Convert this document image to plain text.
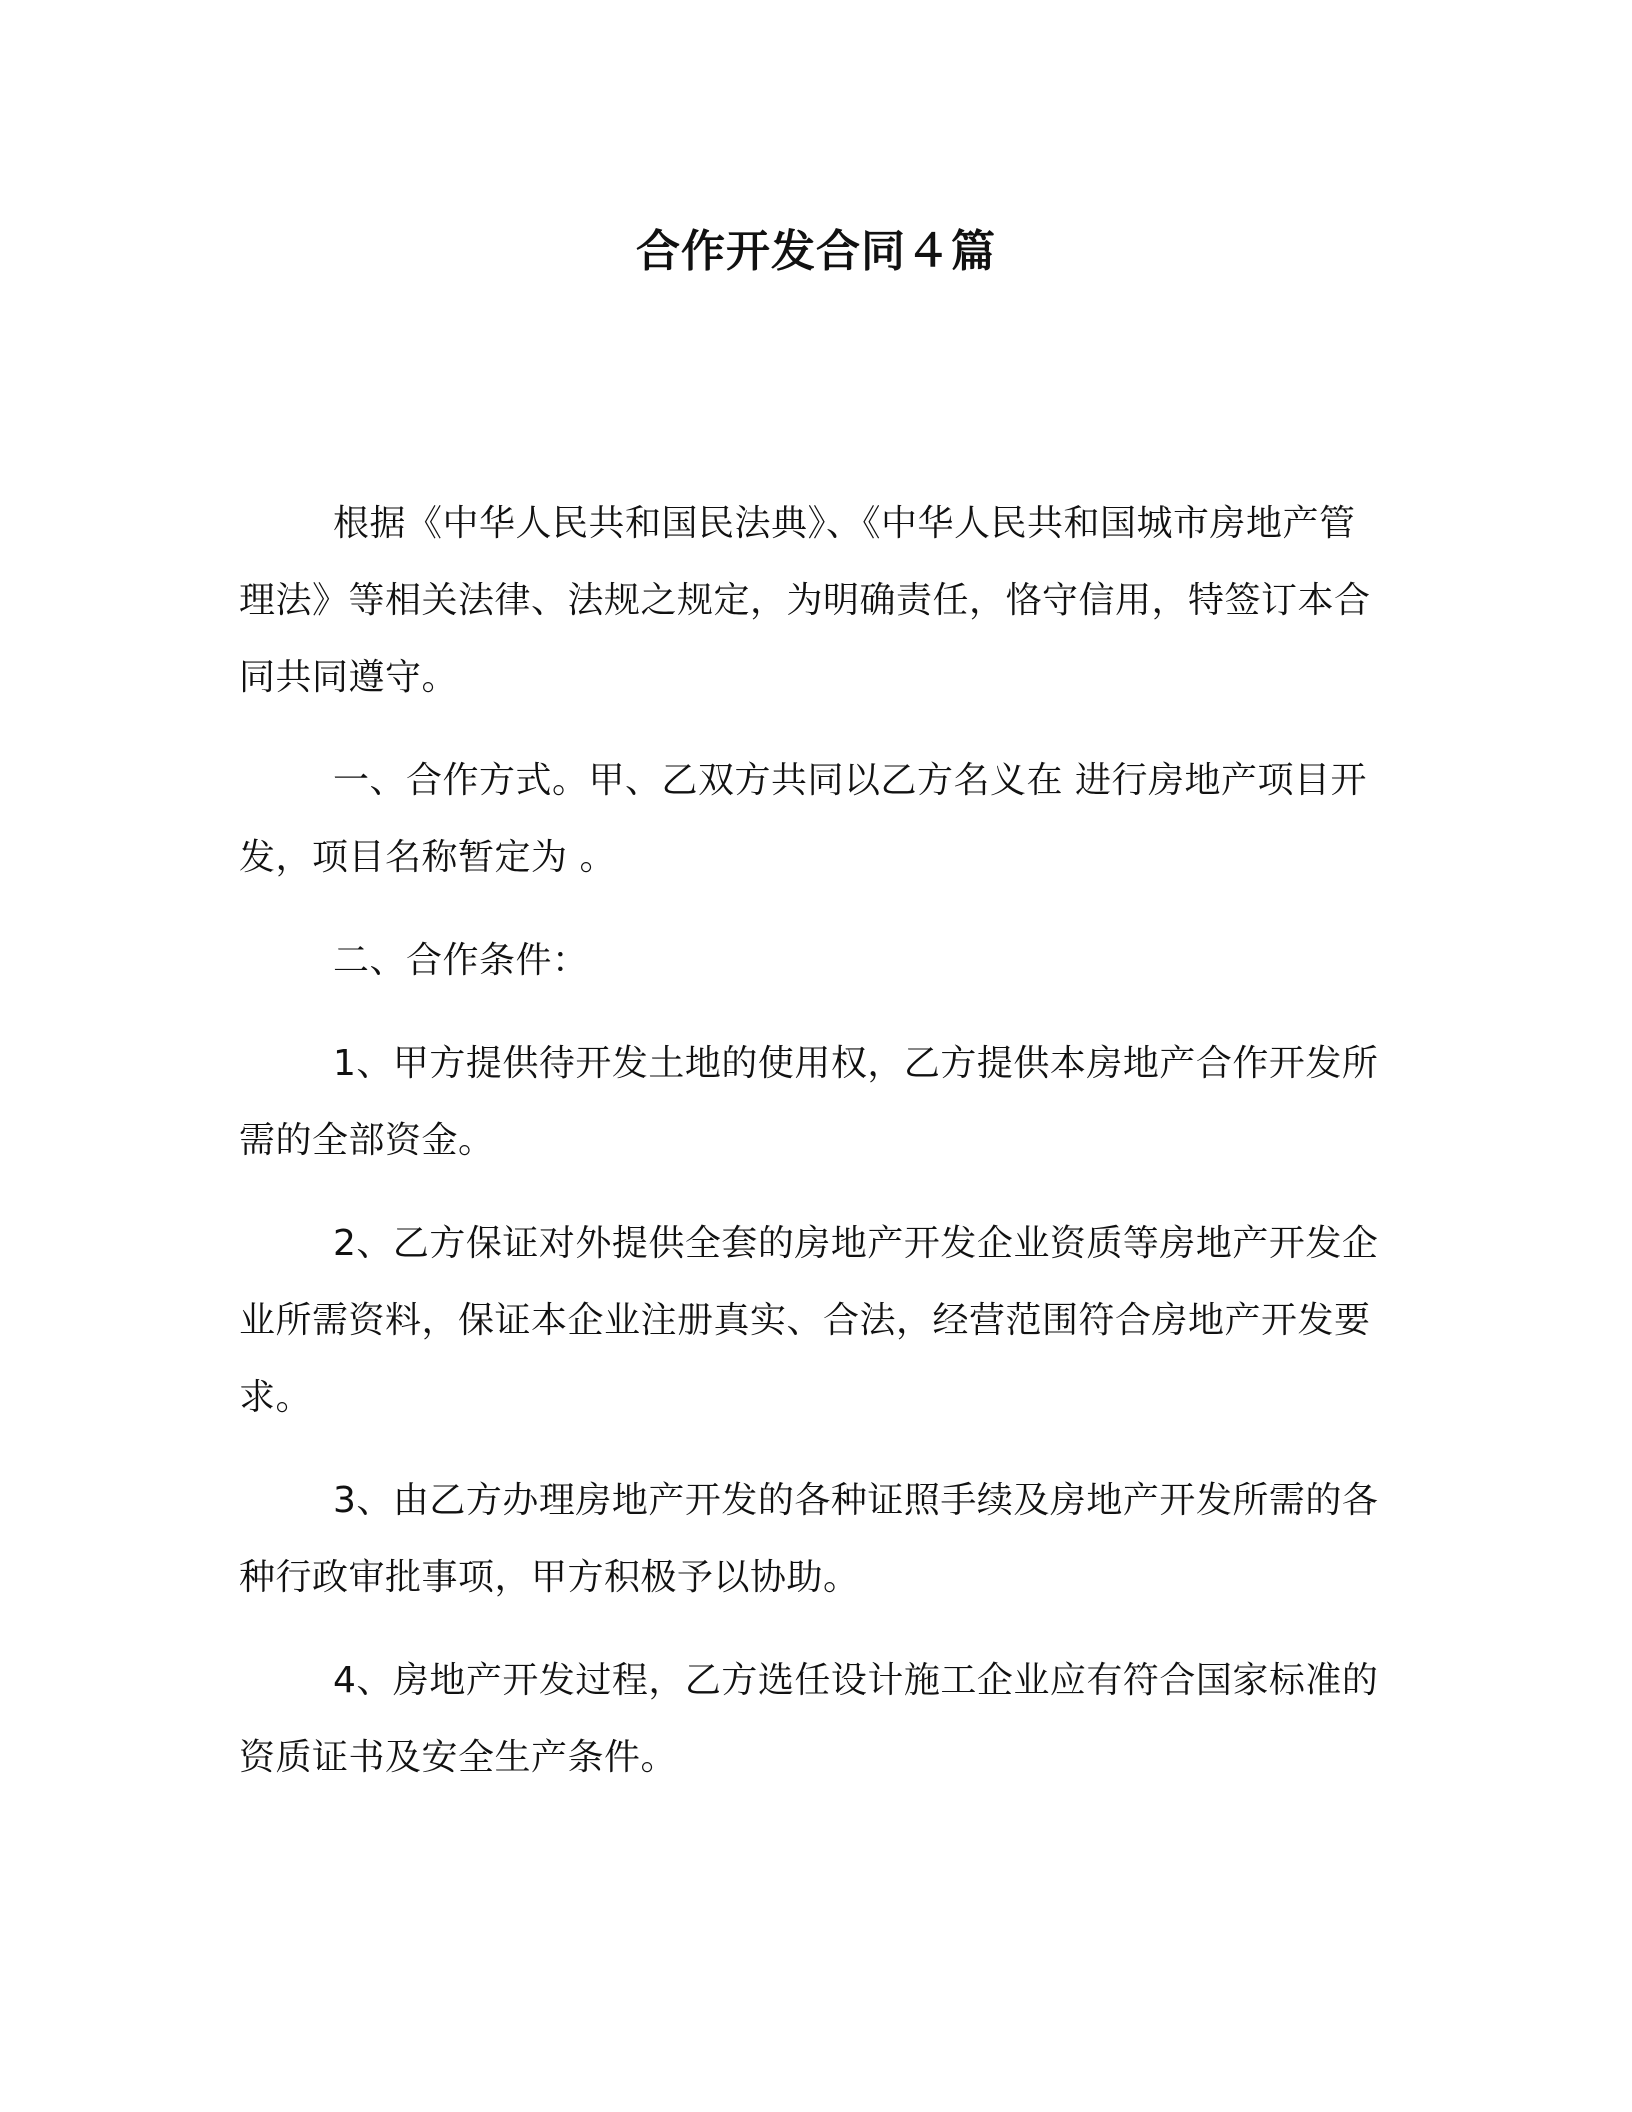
合作开发合同４篇

根据《中华人民共和国民法典》、《中华人民共和国城市房地产管理法》等相关法律、法规之规定，为明确责任，恪守信用，特签订本合同共同遵守。

一、合作方式。甲、乙双方共同以乙方名义在 进行房地产项目开发，项目名称暂定为 。

二、合作条件：

1、甲方提供待开发土地的使用权，乙方提供本房地产合作开发所需的全部资金。

2、乙方保证对外提供全套的房地产开发企业资质等房地产开发企业所需资料，保证本企业注册真实、合法，经营范围符合房地产开发要求。

3、由乙方办理房地产开发的各种证照手续及房地产开发所需的各种行政审批事项，甲方积极予以协助。

4、房地产开发过程，乙方选任设计施工企业应有符合国家标准的资质证书及安全生产条件。
